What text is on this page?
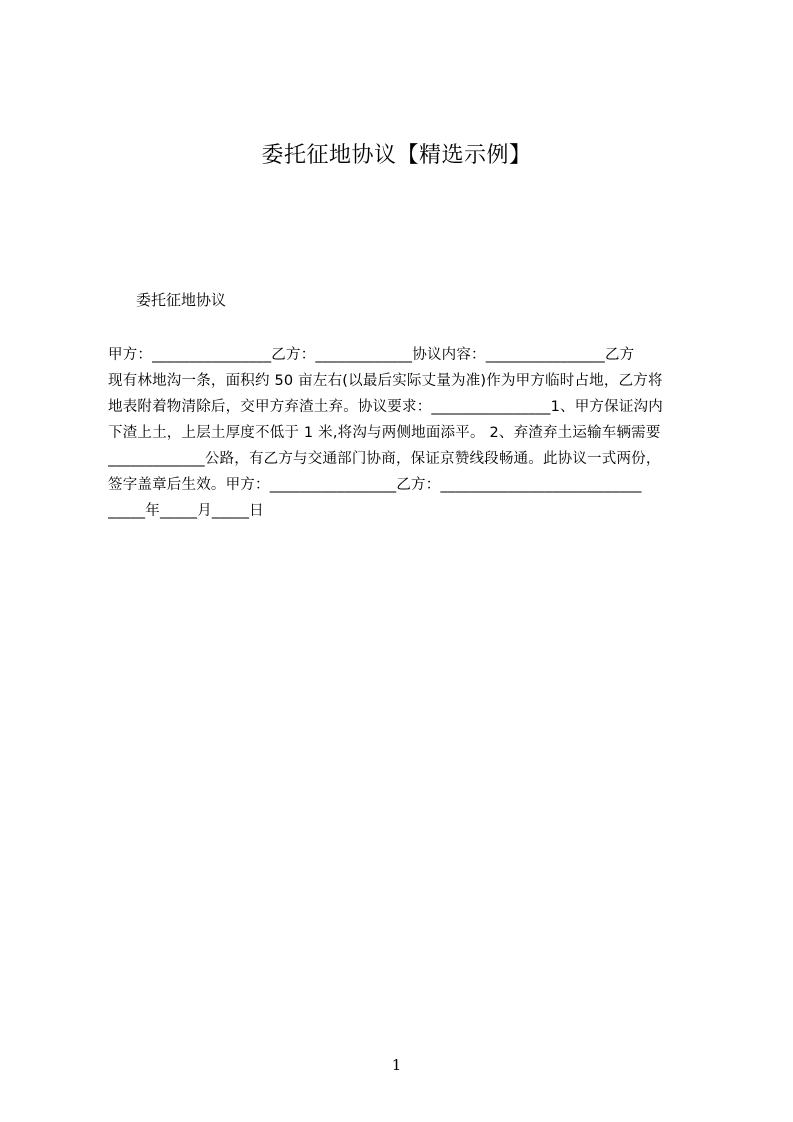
委托征地协议【精选示例】
委托征地协议
甲方：________________乙方：_____________协议内容：________________乙方
现有林地沟一条，面积约 50 亩左右(以最后实际丈量为准)作为甲方临时占地，乙方将
地表附着物清除后，交甲方弃渣土弃。协议要求：________________1、甲方保证沟内
下渣上土，上层土厚度不低于 1 米,将沟与两侧地面添平。 2、弃渣弃土运输车辆需要
_____________公路，有乙方与交通部门协商，保证京赞线段畅通。此协议一式两份，
签字盖章后生效。甲方：_________________乙方：___________________________
_____年_____月_____日
1
